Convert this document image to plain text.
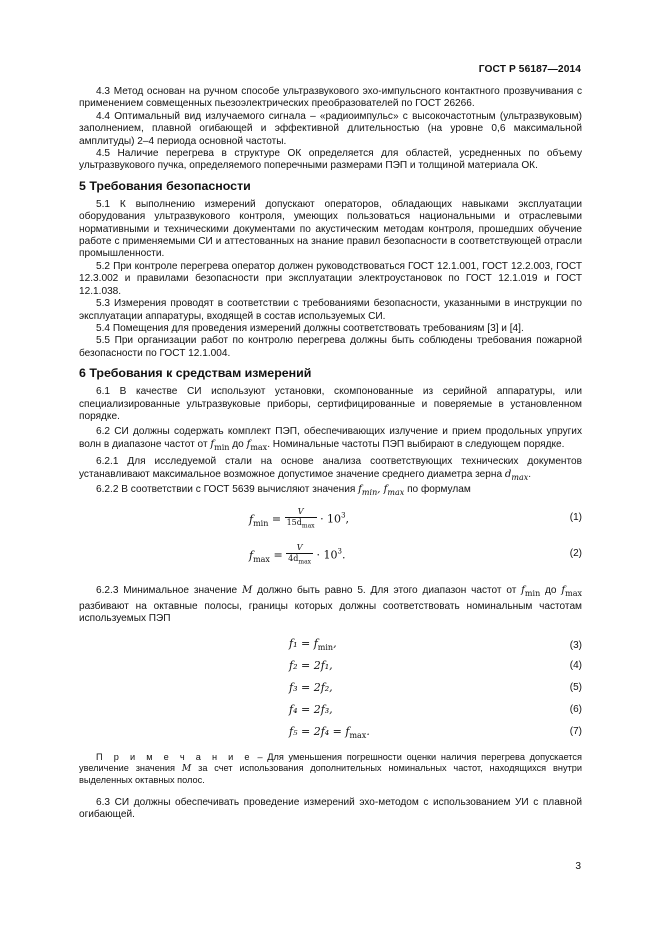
ГОСТ Р 56187—2014

4.3 Метод основан на ручном способе ультразвукового эхо-импульсного контактного прозвучивания с применением совмещенных пьезоэлектрических преобразователей по ГОСТ 26266.

4.4 Оптимальный вид излучаемого сигнала – «радиоимпульс» с высокочастотным (ультразвуковым) заполнением, плавной огибающей и эффективной длительностью (на уровне 0,6 максимальной амплитуды) 2–4 периода основной частоты.

4.5 Наличие перегрева в структуре ОК определяется для областей, усредненных по объему ультразвукового пучка, определяемого поперечными размерами ПЭП и толщиной материала ОК.

5 Требования безопасности

5.1 К выполнению измерений допускают операторов, обладающих навыками эксплуатации оборудования ультразвукового контроля, умеющих пользоваться национальными и отраслевыми нормативными и техническими документами по акустическим методам контроля, прошедших обучение работе с применяемыми СИ и аттестованных на знание правил безопасности в соответствующей отрасли промышленности.

5.2 При контроле перегрева оператор должен руководствоваться ГОСТ 12.1.001, ГОСТ 12.2.003, ГОСТ 12.3.002 и правилами безопасности при эксплуатации электроустановок по ГОСТ 12.1.019 и ГОСТ 12.1.038.

5.3 Измерения проводят в соответствии с требованиями безопасности, указанными в инструкции по эксплуатации аппаратуры, входящей в состав используемых СИ.

5.4 Помещения для проведения измерений должны соответствовать требованиям [3] и [4].

5.5 При организации работ по контролю перегрева должны быть соблюдены требования пожарной безопасности по ГОСТ 12.1.004.

6 Требования к средствам измерений

6.1 В качестве СИ используют установки, скомпонованные из серийной аппаратуры, или специализированные ультразвуковые приборы, сертифицированные и поверяемые в установленном порядке.

6.2 СИ должны содержать комплект ПЭП, обеспечивающих излучение и прием продольных упругих волн в диапазоне частот от $f_{min}$ до $f_{max}$. Номинальные частоты ПЭП выбирают в следующем порядке.

6.2.1 Для исследуемой стали на основе анализа соответствующих технических документов устанавливают максимальное возможное допустимое значение среднего диаметра зерна $d_{max}$.

6.2.2 В соответствии с ГОСТ 5639 вычисляют значения $f_{min}$, $f_{max}$ по формулам

$f_{min} = \frac{V}{15d_{max}} \cdot 10^3$,	(1)
$f_{max} = \frac{V}{4d_{max}} \cdot 10^3$.	(2)

6.2.3 Минимальное значение M должно быть равно 5. Для этого диапазон частот от $f_{min}$ до $f_{max}$ разбивают на октавные полосы, границы которых должны соответствовать номинальным частотам используемых ПЭП

$f_1 = f_{min}$,	(3)
f₂ = 2f₁,	(4)
f₃ = 2f₂,	(5)
f₄ = 2f₃,	(6)
$f_5 = 2f_4 = f_{max}$.	(7)

П р и м е ч а н и е – Для уменьшения погрешности оценки наличия перегрева допускается увеличение значения M за счет использования дополнительных номинальных частот, находящихся внутри выделенных октавных полос.

6.3 СИ должны обеспечивать проведение измерений эхо-методом с использованием УИ с плавной огибающей.

3
